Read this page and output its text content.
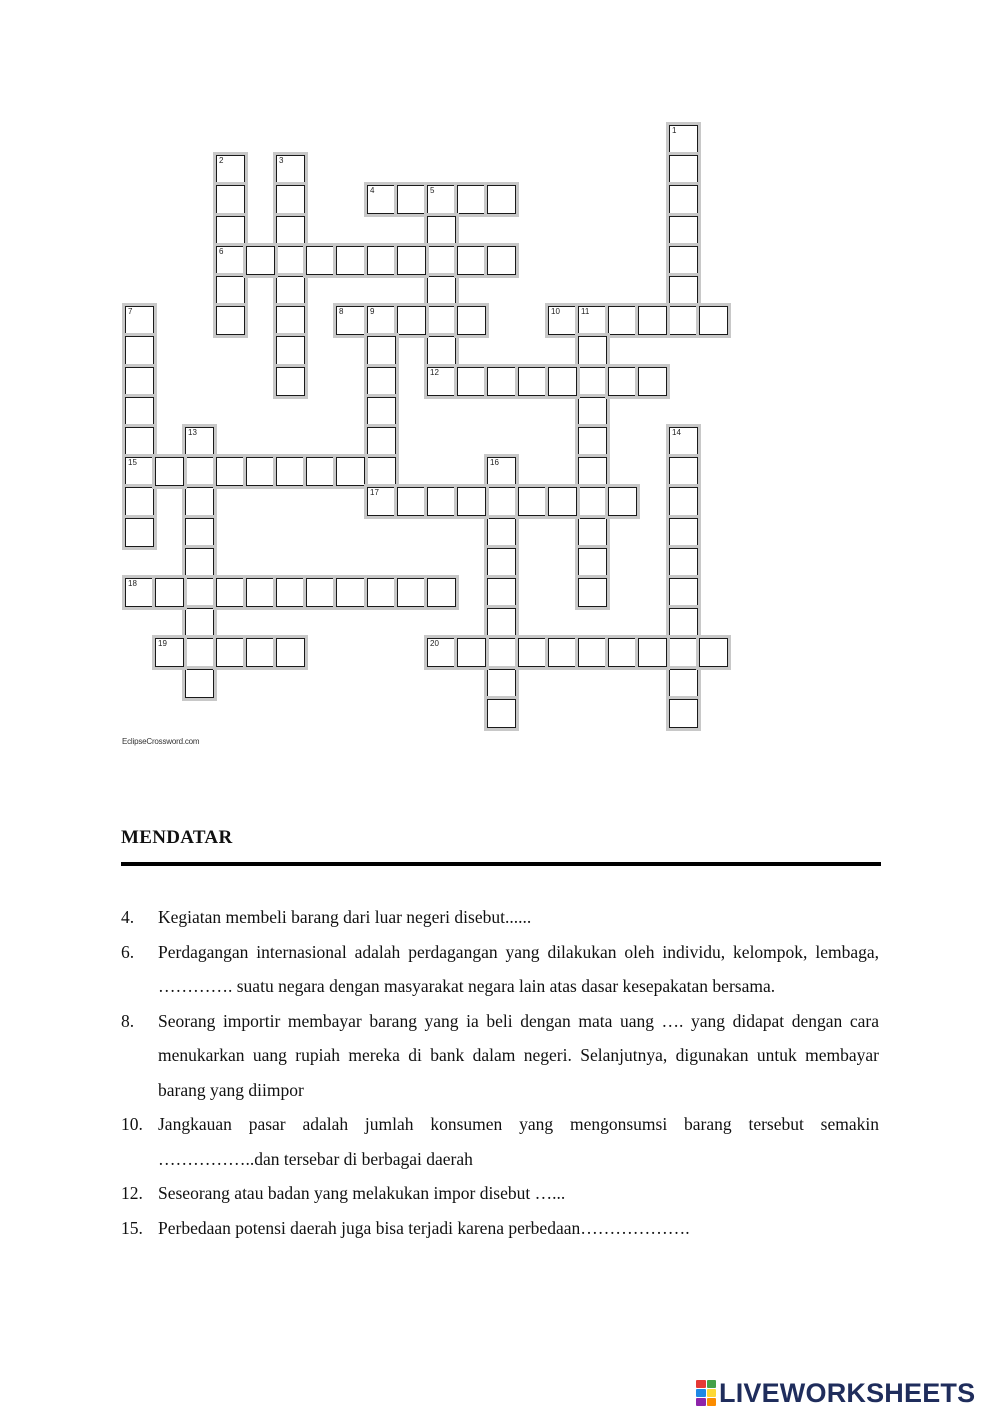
1
2
6
3
4	5
12
7
15
8	9	10	11
13	14
16
17
18
19	20
EclipseCrossword.com
MENDATAR
4.	Kegiatan membeli barang dari luar negeri disebut......
6.	Perdagangan internasional adalah perdagangan yang dilakukan oleh individu, kelompok, lembaga, …………. suatu negara dengan masyarakat negara lain atas dasar kesepakatan bersama.
8.	Seorang importir membayar barang yang ia beli dengan mata uang …. yang didapat dengan cara menukarkan uang rupiah mereka di bank dalam negeri. Selanjutnya, digunakan untuk membayar barang yang diimpor
10. Jangkauan pasar adalah jumlah konsumen yang mengonsumsi barang tersebut semakin ……………..dan tersebar di berbagai daerah
12. Seseorang atau badan yang melakukan impor disebut …...
15. Perbedaan potensi daerah juga bisa terjadi karena perbedaan……………….
LIVEWORKSHEETS
